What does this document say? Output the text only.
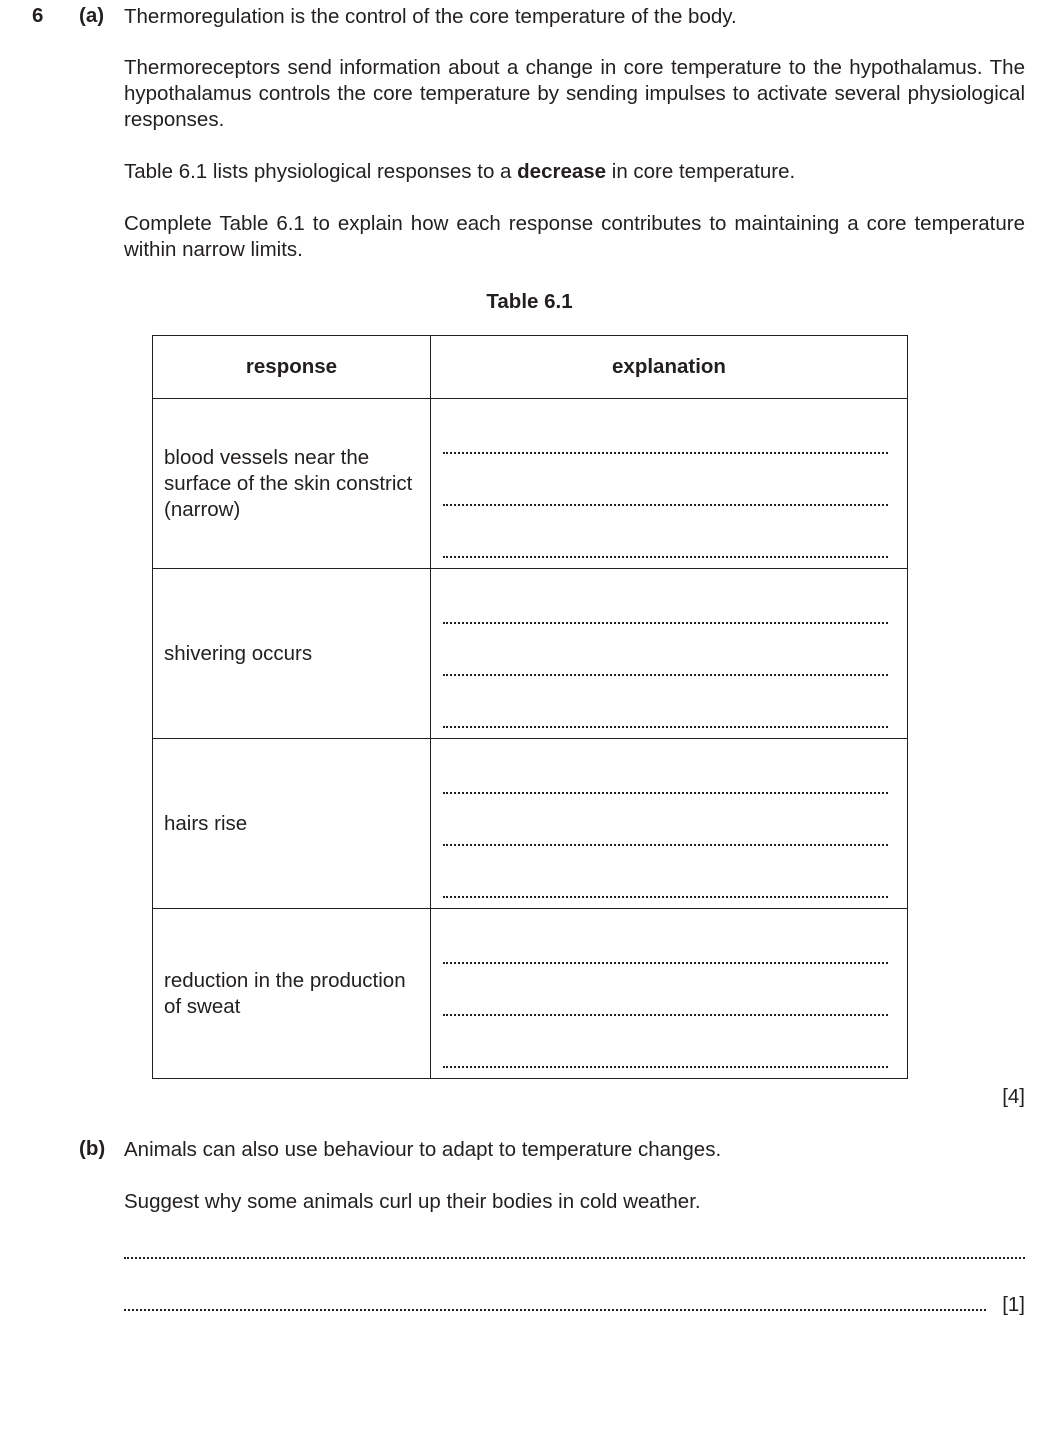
6 (a) Thermoregulation is the control of the core temperature of the body.
Thermoreceptors send information about a change in core temperature to the hypothalamus. The hypothalamus controls the core temperature by sending impulses to activate several physiological responses.
Table 6.1 lists physiological responses to a decrease in core temperature.
Complete Table 6.1 to explain how each response contributes to maintaining a core temperature within narrow limits.
Table 6.1
response	explanation

blood vessels near the surface of the skin constrict (narrow)	

shivering occurs	

hairs rise	

reduction in the production of sweat	

[4]
(b) Animals can also use behaviour to adapt to temperature changes.
Suggest why some animals curl up their bodies in cold weather.
[1]
